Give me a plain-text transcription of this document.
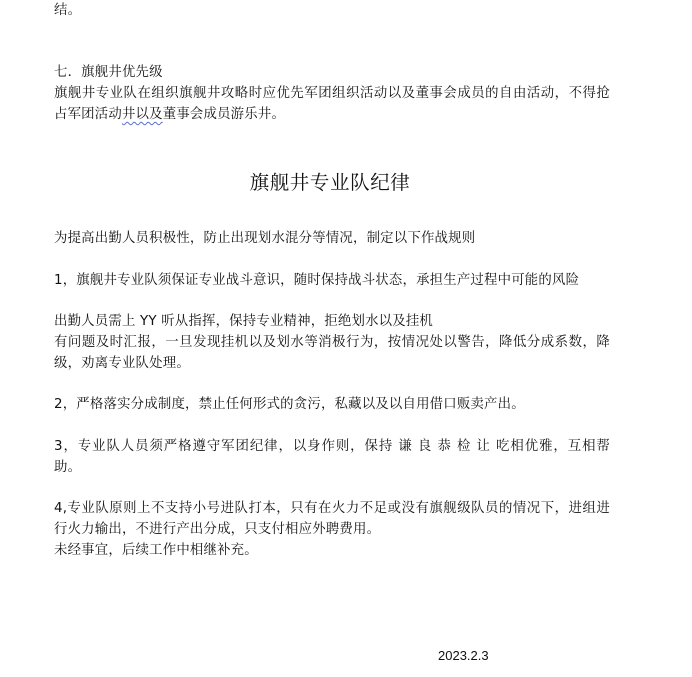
结。
七．旗舰井优先级
旗舰井专业队在组织旗舰井攻略时应优先军团组织活动以及董事会成员的自由活动，不得抢
占军团活动井以及董事会成员游乐井。
旗舰井专业队纪律
为提高出勤人员积极性，防止出现划水混分等情况，制定以下作战规则
1，旗舰井专业队须保证专业战斗意识，随时保持战斗状态，承担生产过程中可能的风险
出勤人员需上 YY 听从指挥，保持专业精神，拒绝划水以及挂机
有问题及时汇报，一旦发现挂机以及划水等消极行为，按情况处以警告，降低分成系数，降
级，劝离专业队处理。
2，严格落实分成制度，禁止任何形式的贪污，私藏以及以自用借口贩卖产出。
3，专业队人员须严格遵守军团纪律，以身作则，保持 谦 良 恭 检 让 吃相优雅，互相帮
助。
4,专业队原则上不支持小号进队打本，只有在火力不足或没有旗舰级队员的情况下，进组进
行火力输出，不进行产出分成，只支付相应外聘费用。
未经事宜，后续工作中相继补充。
2023.2.3
